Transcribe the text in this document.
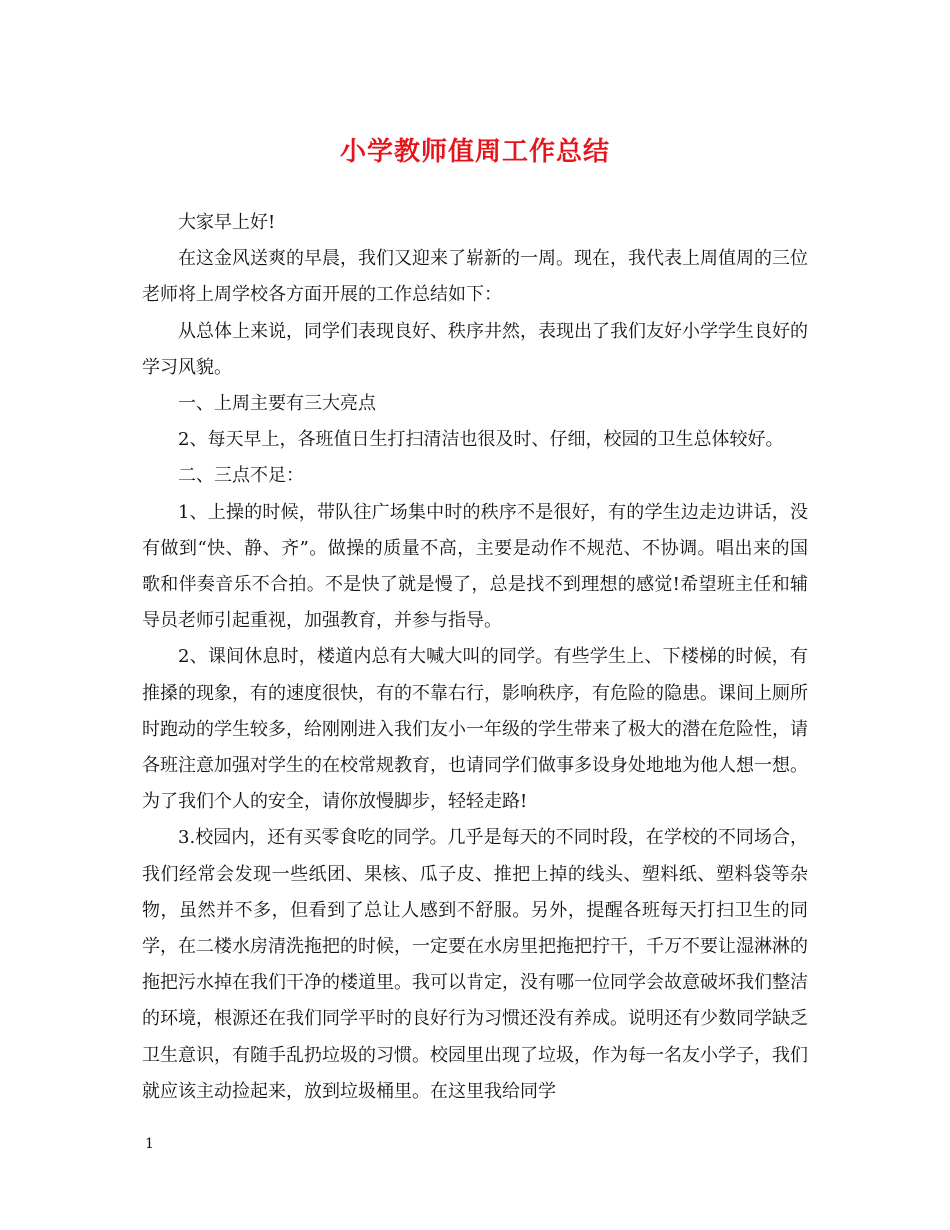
小学教师值周工作总结

大家早上好!

在这金风送爽的早晨，我们又迎来了崭新的一周。现在，我代表上周值周的三位老师将上周学校各方面开展的工作总结如下：

从总体上来说，同学们表现良好、秩序井然，表现出了我们友好小学学生良好的学习风貌。

一、上周主要有三大亮点

2、每天早上，各班值日生打扫清洁也很及时、仔细，校园的卫生总体较好。

二、三点不足：

1、上操的时候，带队往广场集中时的秩序不是很好，有的学生边走边讲话，没有做到“快、静、齐”。做操的质量不高，主要是动作不规范、不协调。唱出来的国歌和伴奏音乐不合拍。不是快了就是慢了，总是找不到理想的感觉!希望班主任和辅导员老师引起重视，加强教育，并参与指导。

2、课间休息时，楼道内总有大喊大叫的同学。有些学生上、下楼梯的时候，有推搡的现象，有的速度很快，有的不靠右行，影响秩序，有危险的隐患。课间上厕所时跑动的学生较多，给刚刚进入我们友小一年级的学生带来了极大的潜在危险性，请各班注意加强对学生的在校常规教育，也请同学们做事多设身处地地为他人想一想。为了我们个人的安全，请你放慢脚步，轻轻走路!

3.校园内，还有买零食吃的同学。几乎是每天的不同时段，在学校的不同场合，我们经常会发现一些纸团、果核、瓜子皮、推把上掉的线头、塑料纸、塑料袋等杂物，虽然并不多，但看到了总让人感到不舒服。另外，提醒各班每天打扫卫生的同学，在二楼水房清洗拖把的时候，一定要在水房里把拖把拧干，千万不要让湿淋淋的拖把污水掉在我们干净的楼道里。我可以肯定，没有哪一位同学会故意破坏我们整洁的环境，根源还在我们同学平时的良好行为习惯还没有养成。说明还有少数同学缺乏卫生意识，有随手乱扔垃圾的习惯。校园里出现了垃圾，作为每一名友小学子，我们就应该主动捡起来，放到垃圾桶里。在这里我给同学

1
